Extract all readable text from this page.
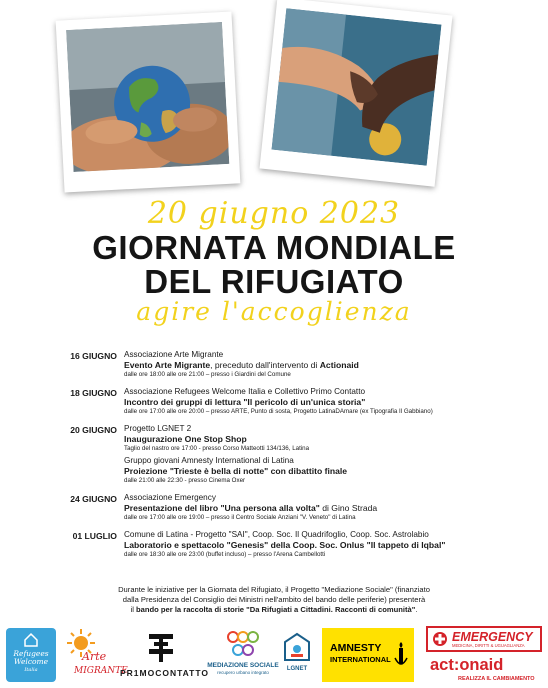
20 giugno 2023
GIORNATA MONDIALE
DEL RIFUGIATO
agire l'accoglienza
16 GIUGNO Associazione Arte Migrante
Evento Arte Migrante, preceduto dall'intervento di Actionaid
dalle ore 18:00 alle ore 21:00 – presso i Giardini del Comune
18 GIUGNO Associazione Refugees Welcome Italia e Collettivo Primo Contatto
Incontro dei gruppi di lettura "Il pericolo di un'unica storia"
dalle ore 17:00 alle ore 20:00 – presso ARTE, Punto di sosta, Progetto LatinaDAmare (ex Tipografia Il Gabbiano)
20 GIUGNO Progetto LGNET 2
Inaugurazione One Stop Shop
Taglio del nastro ore 17:00 - presso Corso Matteotti 134/136, Latina
Gruppo giovani Amnesty International di Latina
Proiezione "Trieste è bella di notte" con dibattito finale
dalle 21:00 alle 22:30 - presso Cinema Oxer
24 GIUGNO Associazione Emergency
Presentazione del libro "Una persona alla volta" di Gino Strada
dalle ore 17:00 alle ore 19:00 – presso il Centro Sociale Anziani "V. Veneto" di Latina
01 LUGLIO Comune di Latina - Progetto "SAI", Coop. Soc. Il Quadrifoglio, Coop. Soc. Astrolabio
Laboratorio e spettacolo "Genesis" della Coop. Soc. Onlus "Il tappeto di Iqbal"
dalle ore 18:30 alle ore 23:00 (buffet incluso) – presso l'Arena Cambellotti
Durante le iniziative per la Giornata del Rifugiato, il Progetto "Mediazione Sociale" (finanziato
dalla Presidenza del Consiglio dei Ministri nell'ambito del bando delle periferie) presenterà
il bando per la raccolta di storie "Da Rifugiati a Cittadini. Racconti di comunità".
Refugees
Welcome
Italia
Arte
MIGRANTE
PR1MOCONTATTO
MEDIAZIONE SOCIALE
recupero urbano integrato
LGNET
AMNESTY
INTERNATIONAL
EMERGENCY
MEDICINA, DIRITTI & UGUAGLIANZA
act:onaid
REALIZZA IL CAMBIAMENTO
